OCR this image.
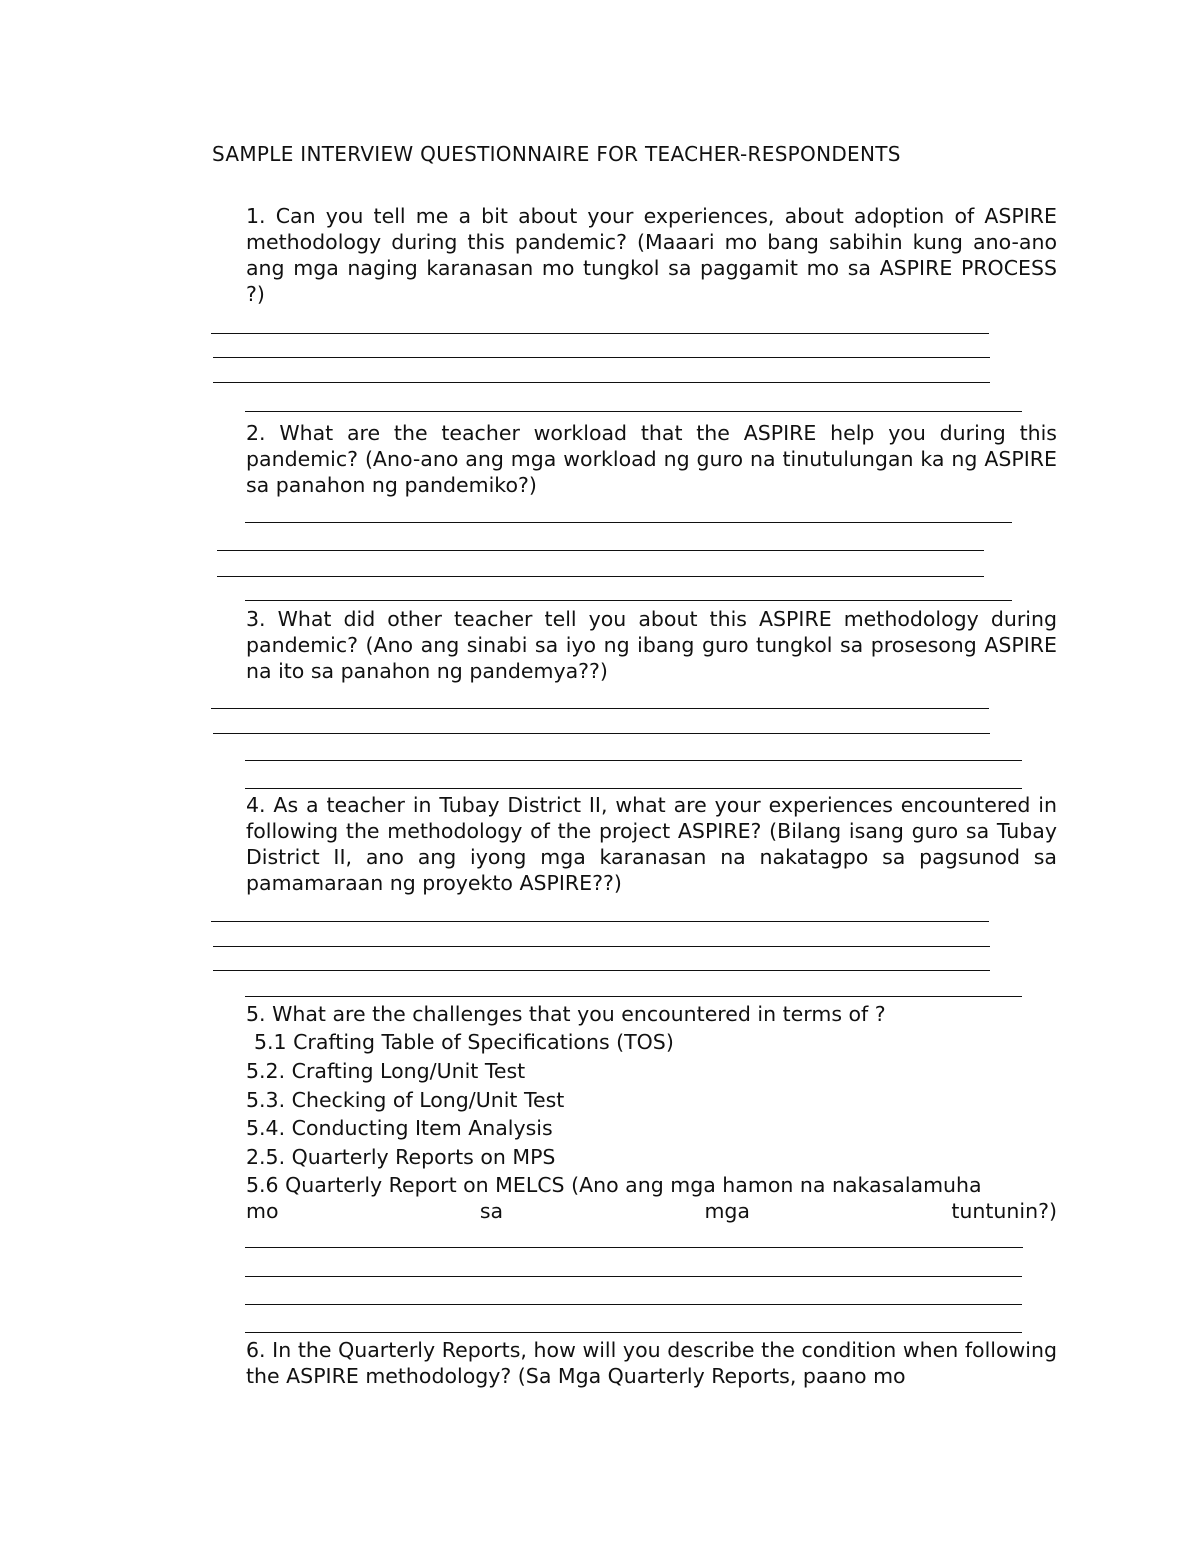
SAMPLE INTERVIEW QUESTIONNAIRE FOR TEACHER-RESPONDENTS
1. Can you tell me a bit about your experiences, about adoption of ASPIRE methodology during this pandemic? (Maaari mo bang sabihin kung ano-ano ang mga naging karanasan mo tungkol sa paggamit mo sa ASPIRE PROCESS ?)
2. What are the teacher workload that the ASPIRE help you during this pandemic? (Ano-ano ang mga workload ng guro na tinutulungan ka ng ASPIRE sa panahon ng pandemiko?)
3. What did other teacher tell you about this ASPIRE methodology during pandemic? (Ano ang sinabi sa iyo ng ibang guro tungkol sa prosesong ASPIRE na ito sa panahon ng pandemya??)
4. As a teacher in Tubay District II, what are your experiences encountered in following the methodology of the project ASPIRE? (Bilang isang guro sa Tubay District II, ano ang iyong mga karanasan na nakatagpo sa pagsunod sa pamamaraan ng proyekto ASPIRE??)
5. What are the challenges that you encountered in terms of ?
5.1 Crafting Table of Specifications (TOS)
5.2. Crafting Long/Unit Test
5.3. Checking of Long/Unit Test
5.4. Conducting Item Analysis
2.5. Quarterly Reports on MPS
5.6 Quarterly Report on MELCS (Ano ang mga hamon na nakasalamuha
mo	sa	mga	tuntunin?)
6. In the Quarterly Reports, how will you describe the condition when following the ASPIRE methodology? (Sa Mga Quarterly Reports, paano mo
